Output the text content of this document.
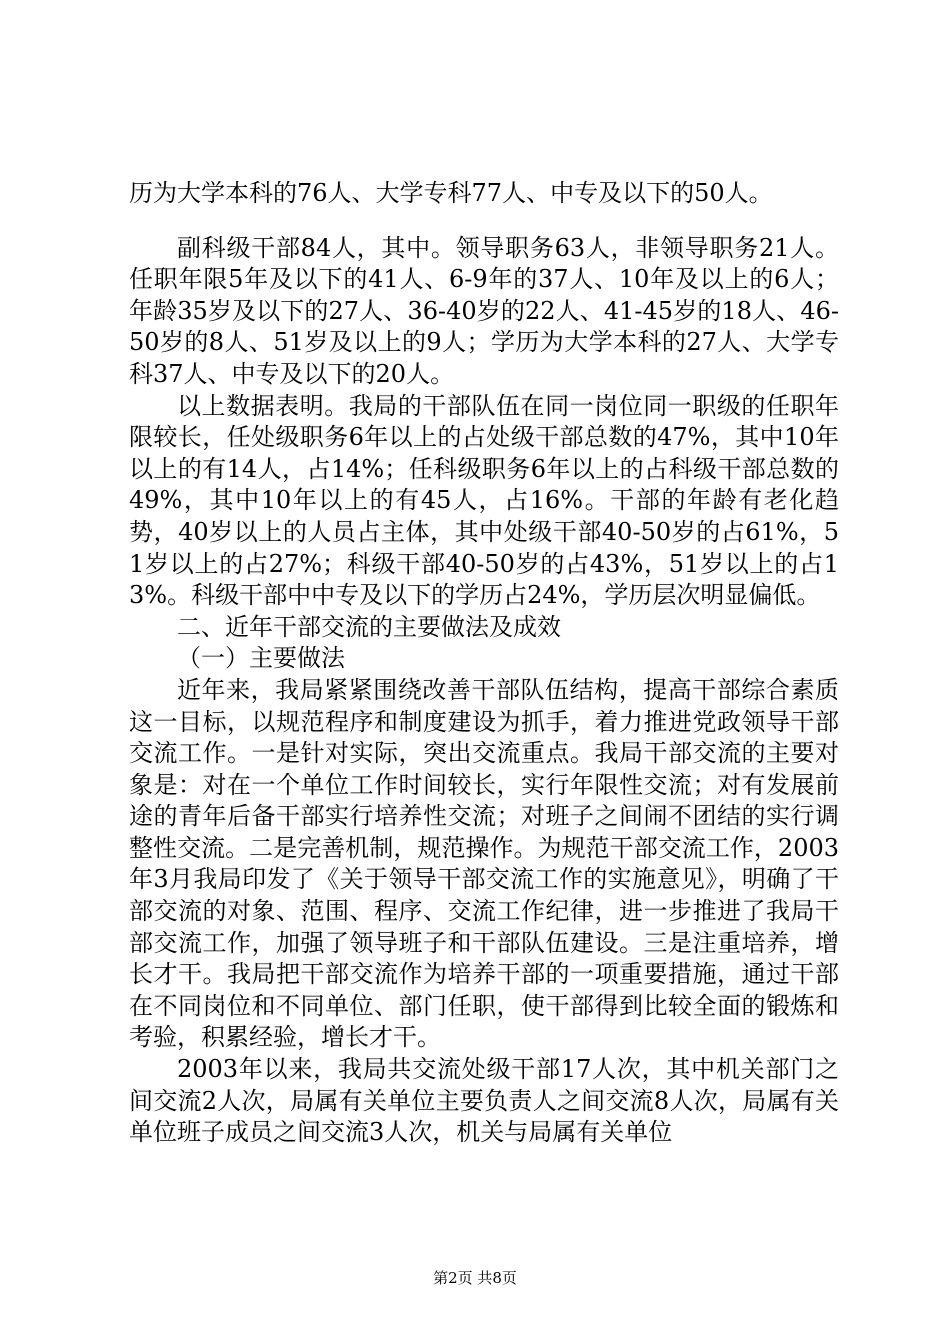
历为大学本科的76人、大学专科77人、中专及以下的50人。

副科级干部84人，其中。领导职务63人，非领导职务21人。任职年限5年及以下的41人、6-9年的37人、10年及以上的6人；年龄35岁及以下的27人、36-40岁的22人、41-45岁的18人、46-50岁的8人、51岁及以上的9人；学历为大学本科的27人、大学专科37人、中专及以下的20人。

以上数据表明。我局的干部队伍在同一岗位同一职级的任职年限较长，任处级职务6年以上的占处级干部总数的47%，其中10年以上的有14人，占14%；任科级职务6年以上的占科级干部总数的49%，其中10年以上的有45人，占16%。干部的年龄有老化趋势，40岁以上的人员占主体，其中处级干部40-50岁的占61%，51岁以上的占27%；科级干部40-50岁的占43%，51岁以上的占13%。科级干部中中专及以下的学历占24%，学历层次明显偏低。

二、近年干部交流的主要做法及成效

（一）主要做法

近年来，我局紧紧围绕改善干部队伍结构，提高干部综合素质这一目标，以规范程序和制度建设为抓手，着力推进党政领导干部交流工作。一是针对实际，突出交流重点。我局干部交流的主要对象是：对在一个单位工作时间较长，实行年限性交流；对有发展前途的青年后备干部实行培养性交流；对班子之间闹不团结的实行调整性交流。二是完善机制，规范操作。为规范干部交流工作，2003年3月我局印发了《关于领导干部交流工作的实施意见》，明确了干部交流的对象、范围、程序、交流工作纪律，进一步推进了我局干部交流工作，加强了领导班子和干部队伍建设。三是注重培养，增长才干。我局把干部交流作为培养干部的一项重要措施，通过干部在不同岗位和不同单位、部门任职，使干部得到比较全面的锻炼和考验，积累经验，增长才干。

2003年以来，我局共交流处级干部17人次，其中机关部门之间交流2人次，局属有关单位主要负责人之间交流8人次，局属有关单位班子成员之间交流3人次，机关与局属有关单位

第2页 共8页
